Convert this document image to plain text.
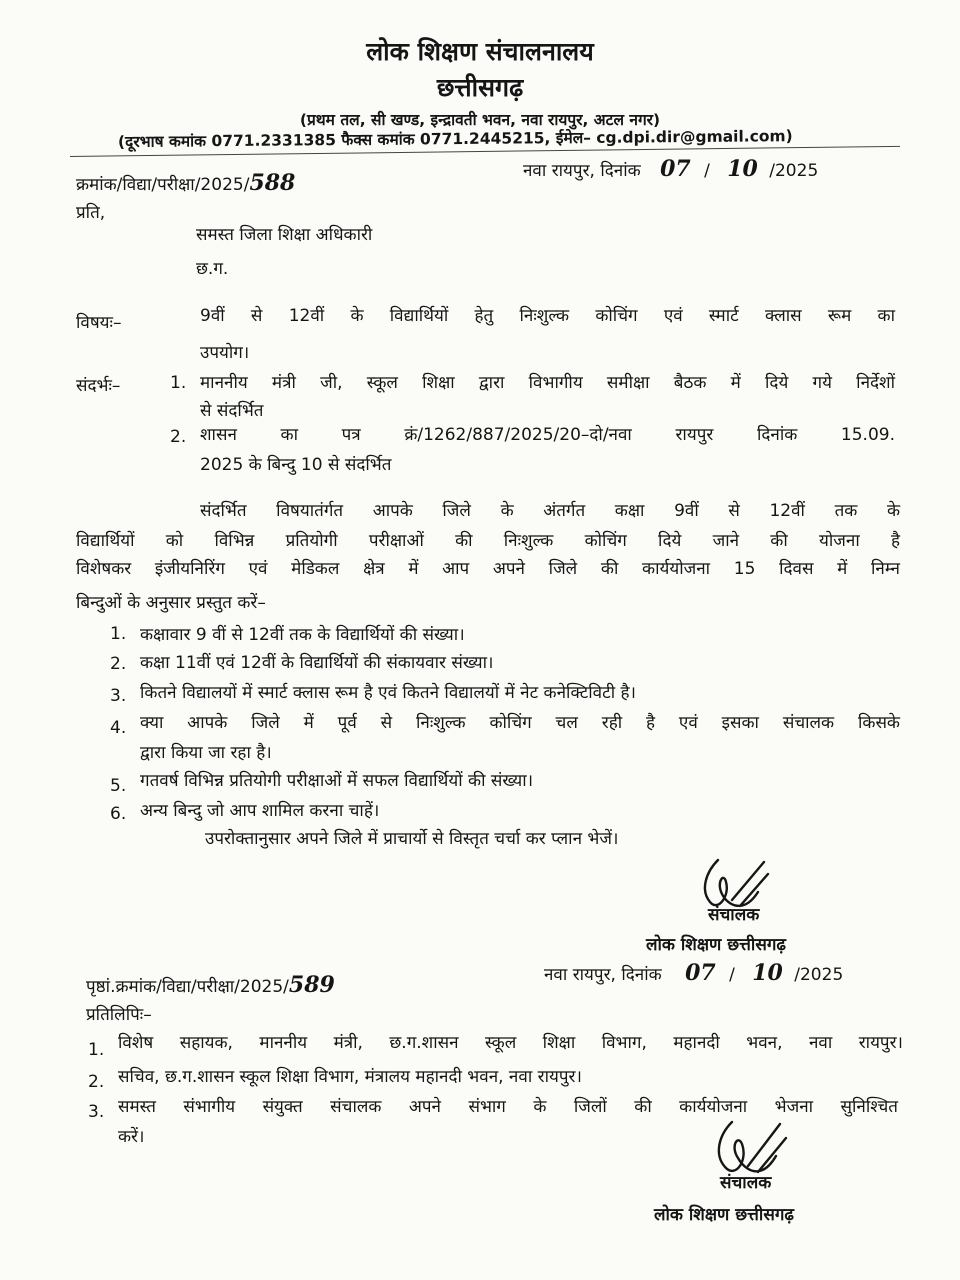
लोक शिक्षण संचालनालय
छत्तीसगढ़
(प्रथम तल, सी खण्ड, इन्द्रावती भवन, नवा रायपुर, अटल नगर)
(दूरभाष कमांक 0771.2331385 फैक्स कमांक 0771.2445215, ईमेल– cg.dpi.dir@gmail.com)
क्रमांक/विद्या/परीक्षा/2025/588	नवा रायपुर, दिनांक 07 / 10 /2025
प्रति,
समस्त जिला शिक्षा अधिकारी
छ.ग.
विषयः–	9वीं से 12वीं के विद्यार्थियों हेतु निःशुल्क कोचिंग एवं स्मार्ट क्लास रूम का
उपयोग।
संदर्भः–	1. माननीय मंत्री जी, स्कूल शिक्षा द्वारा विभागीय समीक्षा बैठक में दिये गये निर्देशों
से संदर्भित
2. शासन का पत्र क्रं/1262/887/2025/20–दो/नवा रायपुर दिनांक 15.09.
2025 के बिन्दु 10 से संदर्भित
संदर्भित विषयातंर्गत आपके जिले के अंतर्गत कक्षा 9वीं से 12वीं तक के
विद्यार्थियों को विभिन्न प्रतियोगी परीक्षाओं की निःशुल्क कोचिंग दिये जाने की योजना है
विशेषकर इंजीयनिरिंग एवं मेडिकल क्षेत्र में आप अपने जिले की कार्ययोजना 15 दिवस में निम्न
बिन्दुओं के अनुसार प्रस्तुत करें–
1. कक्षावार 9 वीं से 12वीं तक के विद्यार्थियों की संख्या।
2. कक्षा 11वीं एवं 12वीं के विद्यार्थियों की संकायवार संख्या।
3. कितने विद्यालयों में स्मार्ट क्लास रूम है एवं कितने विद्यालयों में नेट कनेक्टिविटी है।
4. क्या आपके जिले में पूर्व से निःशुल्क कोचिंग चल रही है एवं इसका संचालक किसके
द्वारा किया जा रहा है।
5. गतवर्ष विभिन्न प्रतियोगी परीक्षाओं में सफल विद्यार्थियों की संख्या।
6. अन्य बिन्दु जो आप शामिल करना चाहें।
उपरोक्तानुसार अपने जिले में प्राचार्यो से विस्तृत चर्चा कर प्लान भेजें।
संचालक
लोक शिक्षण छत्तीसगढ़
पृष्ठां.क्रमांक/विद्या/परीक्षा/2025/589	नवा रायपुर, दिनांक 07 / 10 /2025
प्रतिलिपिः–
1. विशेष सहायक, माननीय मंत्री, छ.ग.शासन स्कूल शिक्षा विभाग, महानदी भवन, नवा रायपुर।
2. सचिव, छ.ग.शासन स्कूल शिक्षा विभाग, मंत्रालय महानदी भवन, नवा रायपुर।
3. समस्त संभागीय संयुक्त संचालक अपने संभाग के जिलों की कार्ययोजना भेजना सुनिश्चित
करें।
संचालक
लोक शिक्षण छत्तीसगढ़
